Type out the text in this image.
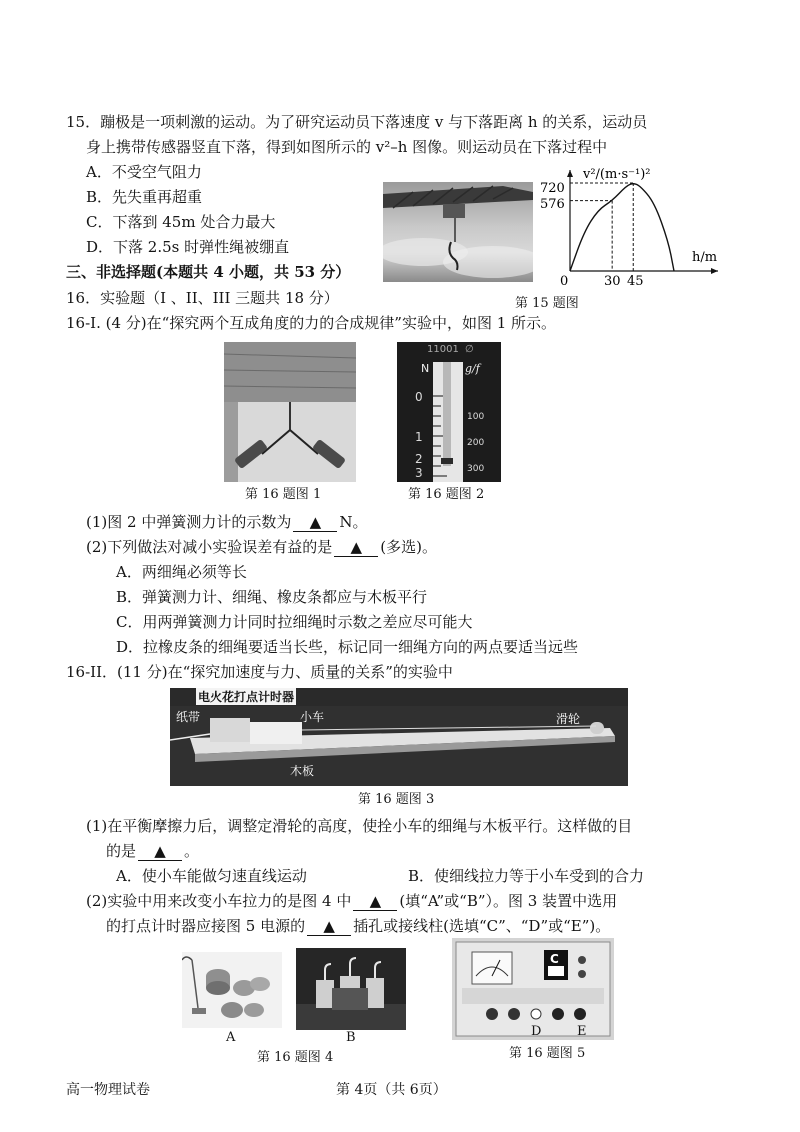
15．蹦极是一项刺激的运动。为了研究运动员下落速度 v 与下落距离 h 的关系，运动员
身上携带传感器竖直下落，得到如图所示的 v²–h 图像。则运动员在下落过程中
A．不受空气阻力
B．先失重再超重
C．下落到 45m 处合力最大
D．下落 2.5s 时弹性绳被绷直
v²/(m·s⁻¹)²
h/m
0	30 45
576
720
第 15 题图
三、非选择题(本题共 4 小题，共 53 分）
16．实验题（I 、II、III 三题共 18 分）
16-I. (4 分)在“探究两个互成角度的力的合成规律”实验中，如图 1 所示。
第 16 题图 1
11001 ∅
N	g/f
0
1
2
3
100
200
300
第 16 题图 2
(1)图 2 中弹簧测力计的示数为 ▲ N。
(2)下列做法对减小实验误差有益的是 ▲ (多选)。
A．两细绳必须等长
B．弹簧测力计、细绳、橡皮条都应与木板平行
C．用两弹簧测力计同时拉细绳时示数之差应尽可能大
D．拉橡皮条的细绳要适当长些，标记同一细绳方向的两点要适当远些
16-II．(11 分)在“探究加速度与力、质量的关系”的实验中
电火花打点计时器
纸带	小车	滑轮
木板
第 16 题图 3
(1)在平衡摩擦力后，调整定滑轮的高度，使拴小车的细绳与木板平行。这样做的目
的是 ▲ 。
A．使小车能做匀速直线运动	B．使细线拉力等于小车受到的合力
(2)实验中用来改变小车拉力的是图 4 中 ▲ (填“A”或“B”）。图 3 装置中选用
的打点计时器应接图 5 电源的 ▲ 插孔或接线柱(选填“C”、“D”或“E”)。
A	B
第 16 题图 4
C
D	E
第 16 题图 5
高一物理试卷	第 4页（共 6页）
